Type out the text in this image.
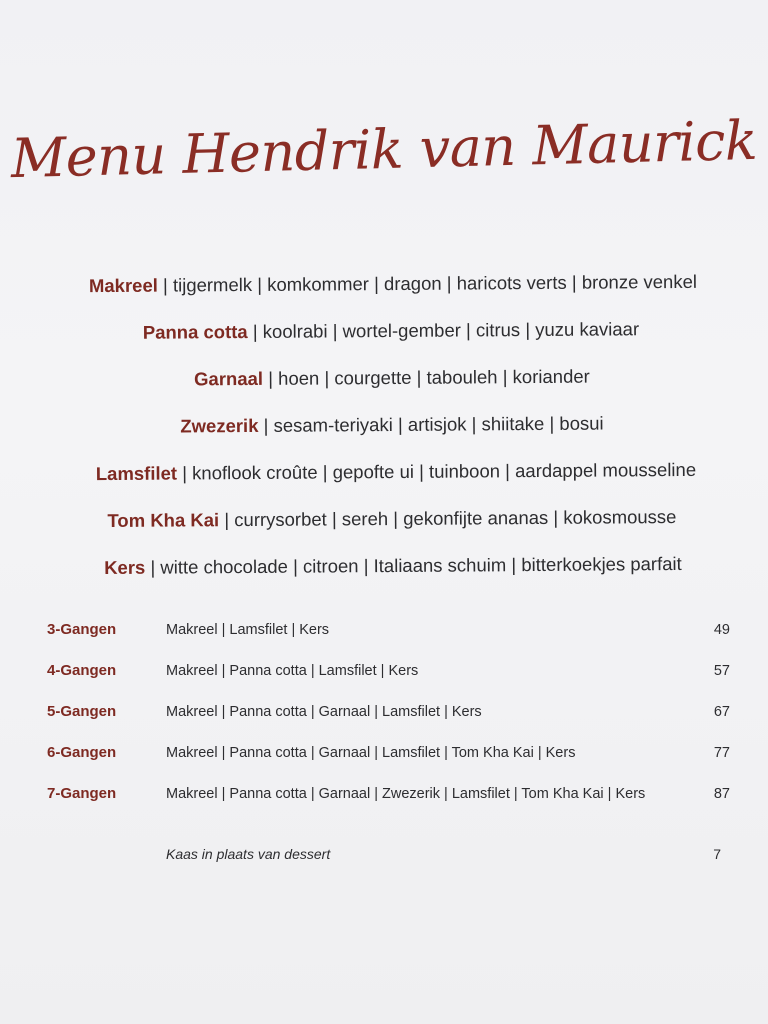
Menu Hendrik van Maurick
Makreel | tijgermelk | komkommer | dragon | haricots verts | bronze venkel
Panna cotta | koolrabi | wortel-gember | citrus | yuzu kaviaar
Garnaal | hoen | courgette | tabouleh | koriander
Zwezerik | sesam-teriyaki | artisjok | shiitake | bosui
Lamsfilet | knoflook croûte | gepofte ui | tuinboon | aardappel mousseline
Tom Kha Kai | currysorbet | sereh | gekonfijte ananas | kokosmousse
Kers | witte chocolade | citroen | Italiaans schuim | bitterkoekjes parfait
3-Gangen	Makreel | Lamsfilet | Kers	49
4-Gangen	Makreel | Panna cotta | Lamsfilet | Kers	57
5-Gangen	Makreel | Panna cotta | Garnaal | Lamsfilet | Kers	67
6-Gangen	Makreel | Panna cotta | Garnaal | Lamsfilet | Tom Kha Kai | Kers	77
7-Gangen	Makreel | Panna cotta | Garnaal | Zwezerik | Lamsfilet | Tom Kha Kai | Kers	87
Kaas in plaats van dessert	7
